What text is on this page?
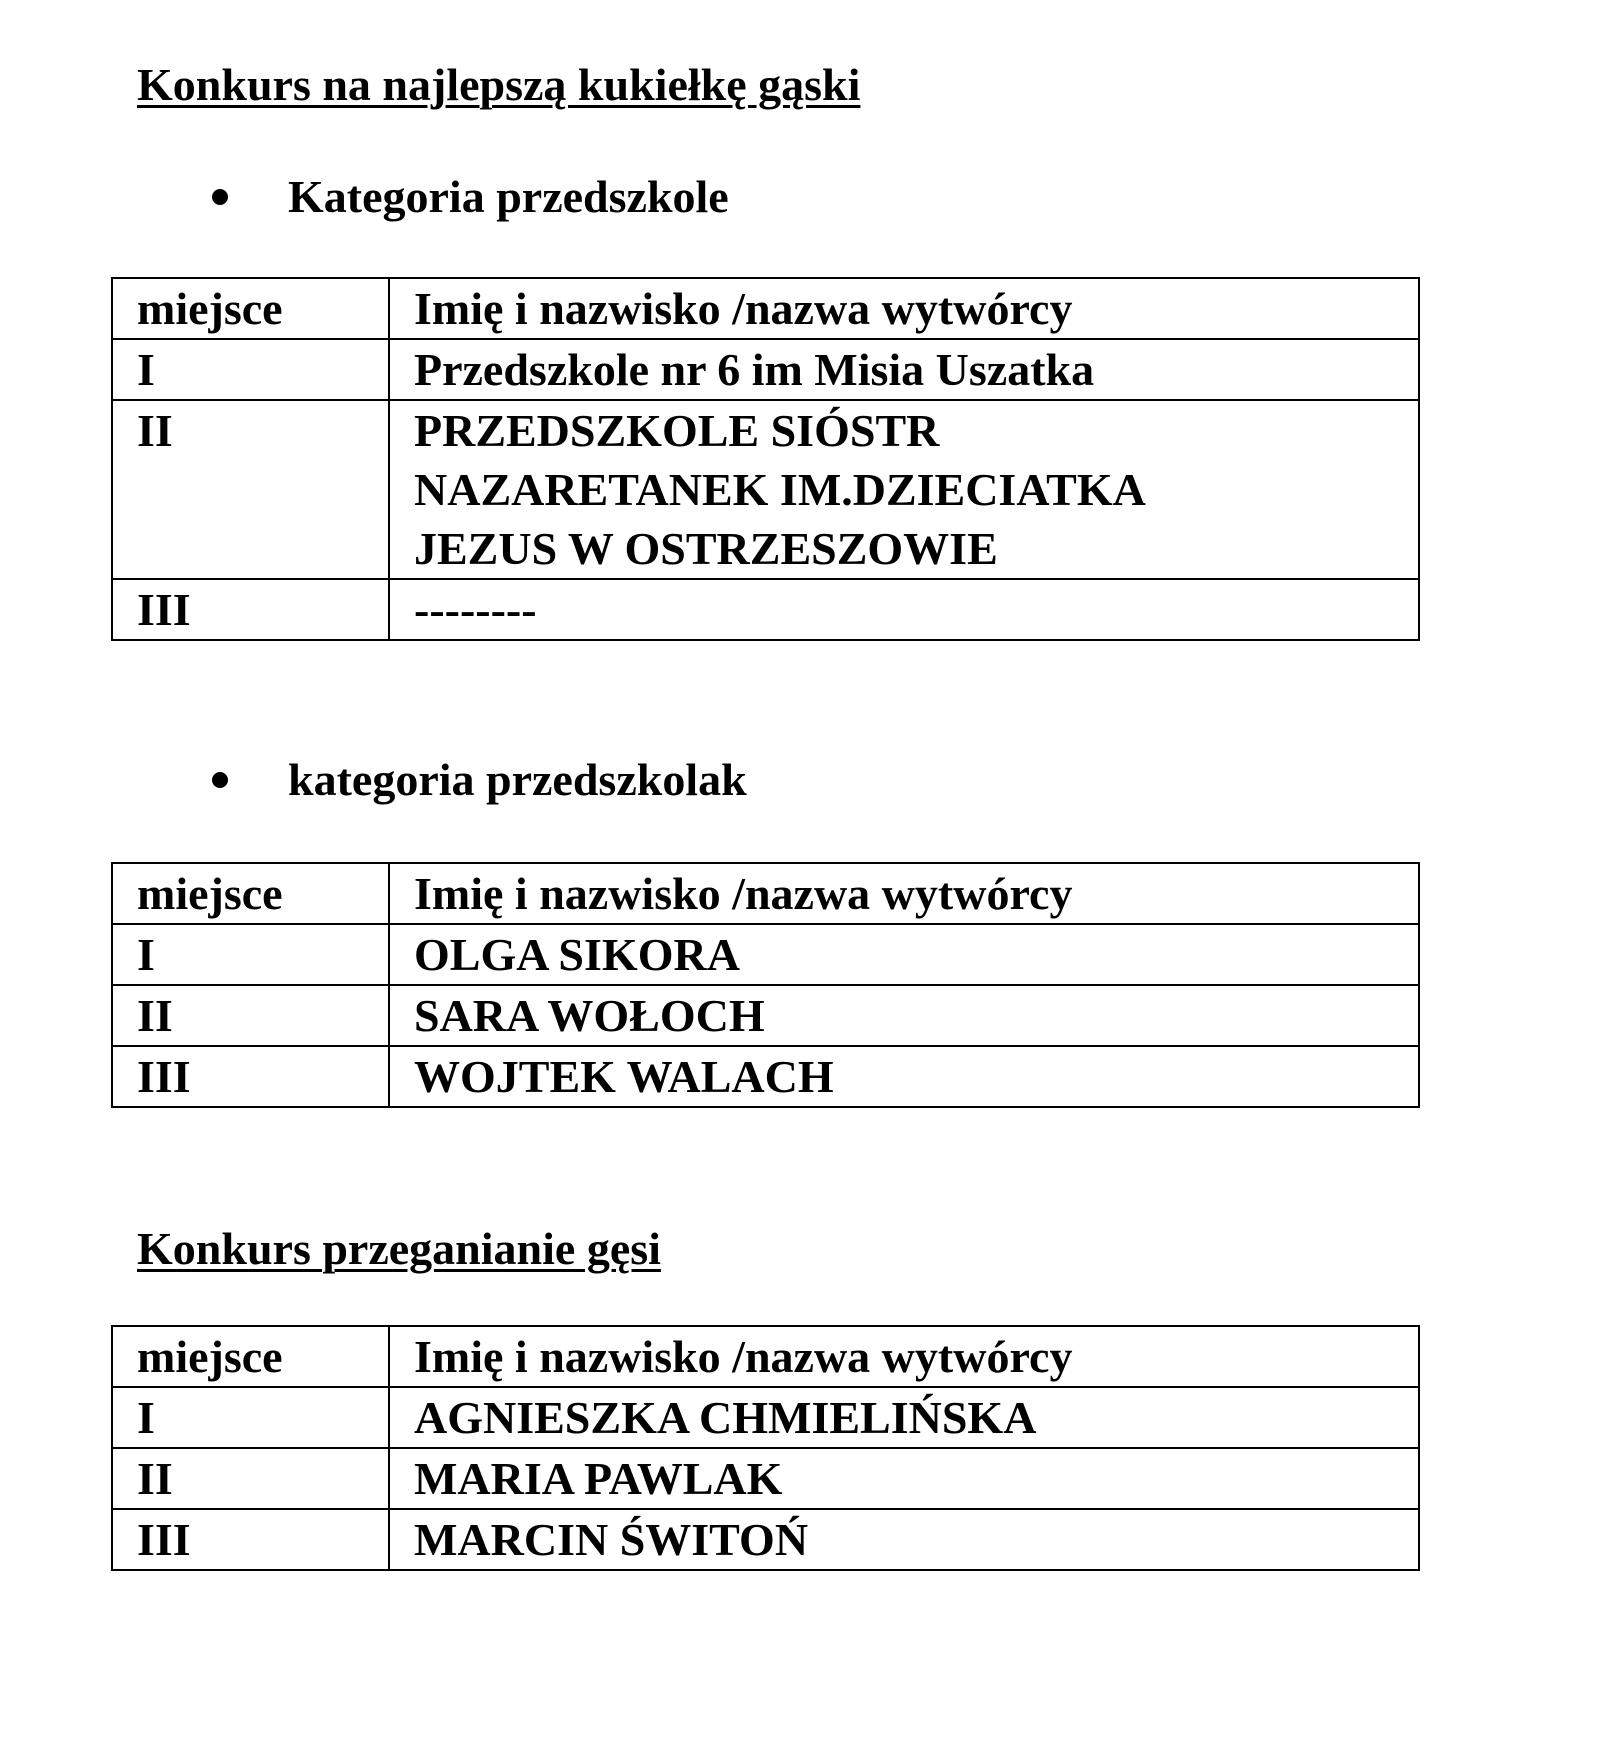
Konkurs na najlepszą kukiełkę gąski
Kategoria przedszkole
miejsce	Imię i nazwisko /nazwa wytwórcy
I	Przedszkole nr 6 im Misia Uszatka
II	PRZEDSZKOLE SIÓSTR
NAZARETANEK IM.DZIECIATKA
JEZUS W OSTRZESZOWIE

III	--------
kategoria przedszkolak
miejsce	Imię i nazwisko /nazwa wytwórcy
I	OLGA SIKORA
II	SARA WOŁOCH
III	WOJTEK WALACH
Konkurs przeganianie gęsi
miejsce	Imię i nazwisko /nazwa wytwórcy
I	AGNIESZKA CHMIELIŃSKA
II	MARIA PAWLAK
III	MARCIN ŚWITOŃ
